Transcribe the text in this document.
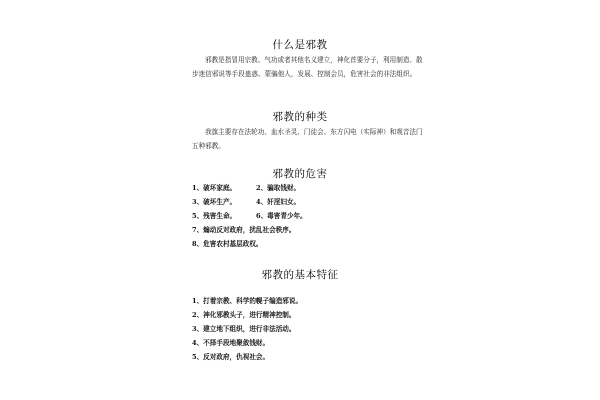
什么是邪教

邪教是指冒用宗教、气功或者其他名义建立，神化首要分子，利用制造、散步迷信邪说等手段蛊惑、蒙骗他人，发展、控制会员，危害社会的非法组织。

邪教的种类

我旗主要存在法轮功、血水圣灵、门徒会、东方闪电（实际神）和观音法门五种邪教。

邪教的危害
1、破坏家庭。	2、骗取钱财。
3、破坏生产。	4、奸淫妇女。
5、残害生命。	6、毒害青少年。
7、煽动反对政府，扰乱社会秩序。
8、危害农村基层政权。
邪教的基本特征
1、打着宗教、科学的幌子编造邪说。
2、神化邪教头子，进行精神控制。
3、建立地下组织，进行非法活动。
4、不择手段地聚敛钱财。
5、反对政府，仇视社会。
